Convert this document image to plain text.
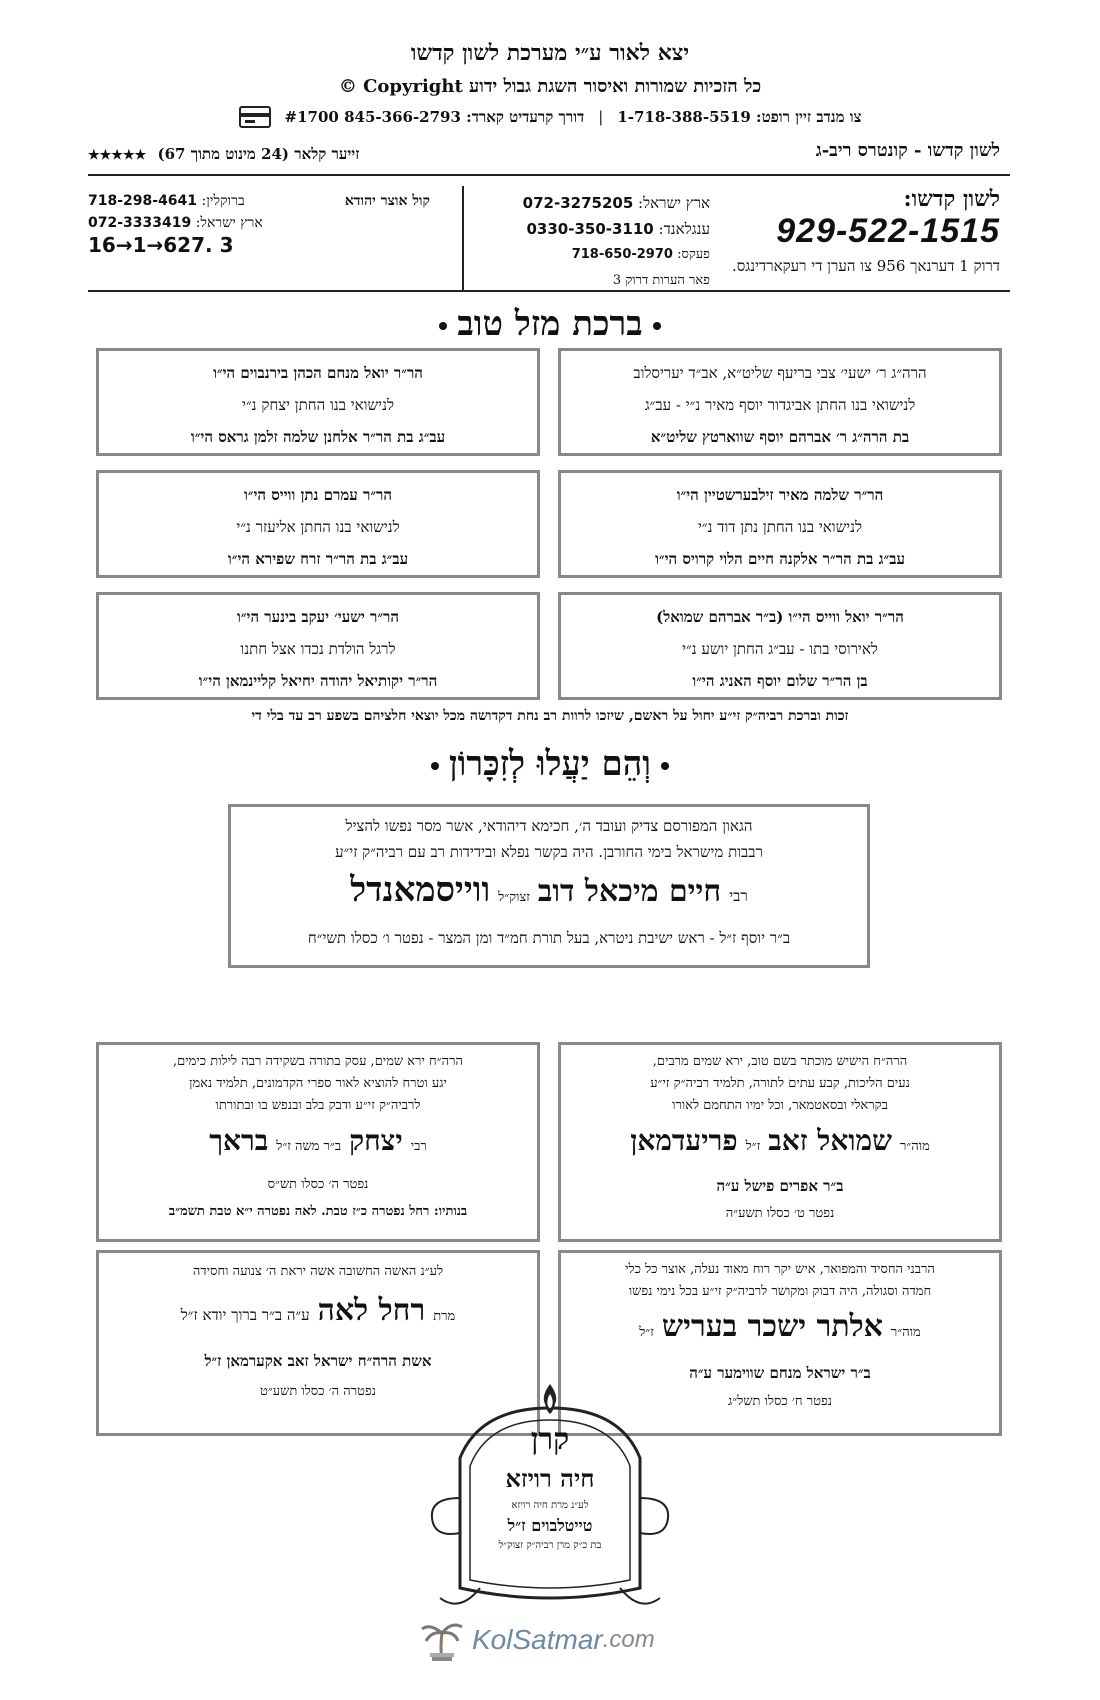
יצא לאור ע״י מערכת לשון קדשו
כל הזכיות שמורות ואיסור השגת גבול ידוע Copyright ©
צו מנדב זיין רופט: 1-718-388-5519
|
דורך קרעדיט קארד: 845-366-2793 #1700
לשון קדשו - קונטרס ריב-ג
זייער קלאר (24 מינוט מתוך 67) ★★★★★
לשון קדשו:
929-522-1515
דרוק 1 דערנאך 956 צו הערן די רעקארדינגס.
ארץ ישראל: 072-3275205
ענגלאנד: 0330-350-3110
פעקס: 718-650-2970
פאר הערות דרוק 3
קול אוצר יהודא
ברוקלין: 718-298-4641
ארץ ישראל: 072-3333419
16→1→627. 3
ברכת מזל טוב
הרה״ג ר׳ ישעי׳ צבי בריעף שליט״א, אב״ד יעריסלוב
לנישואי בנו החתן אביגדור יוסף מאיר נ״י - עב״ג
בת הרה״ג ר׳ אברהם יוסף שווארטץ שליט״א
הר״ר יואל מנחם הכהן בירנבוים הי״ו
לנישואי בנו החתן יצחק נ״י
עב״ג בת הר״ר אלחנן שלמה זלמן גראס הי״ו
הר״ר שלמה מאיר זילבערשטיין הי״ו
לנישואי בנו החתן נתן דוד נ״י
עב״ג בת הר״ר אלקנה חיים הלוי קרויס הי״ו
הר״ר עמרם נתן ווייס הי״ו
לנישואי בנו החתן אליעזר נ״י
עב״ג בת הר״ר זרח שפירא הי״ו
הר״ר יואל ווייס הי״ו (ב״ר אברהם שמואל)
לאירוסי בתו - עב״ג החתן יושע נ״י
בן הר״ר שלום יוסף האניג הי״ו
הר״ר ישעי׳ יעקב בינער הי״ו
לרגל הולדת נכדו אצל חתנו
הר״ר יקותיאל יהודה יחיאל קליינמאן הי״ו
זכות וברכת רביה״ק זי״ע יחול על ראשם, שיזכו לרוות רב נחת דקדושה מכל יוצאי חלציהם בשפע רב עד בלי די
וְהֵם יַעֲלוּ לְזִכָּרוֹן
הגאון המפורסם צדיק ועובד ה׳, חכימא דיהודאי, אשר מסר נפשו להציל
רבבות מישראל בימי החורבן. היה בקשר נפלא ובידידות רב עם רביה״ק זי״ע
רבי
חיים מיכאל דוב
זצוק״ל
ווייסמאנדל
ב״ר יוסף ז״ל - ראש ישיבת ניטרא, בעל תורת חמ״ד ומן המצר - נפטר ו׳ כסלו תשי״ח
הרה״ח הישיש מוכתר בשם טוב, ירא שמים מרבים,
נעים הליכות, קבע עתים לתורה, תלמיד רביה״ק זי״ע
בקראלי ובסאטמאר, וכל ימיו התחמם לאורו
מוה״ר
שמואל זאב
ז״ל
פריעדמאן
ב״ר אפרים פישל ע״ה
נפטר ט׳ כסלו תשע״ה
הרה״ח ירא שמים, עסק בתורה בשקידה רבה לילות כימים,
יגע וטרח להוציא לאור ספרי הקדמונים, תלמיד נאמן
לרביה״ק זי״ע ודבק בלב ובנפש בו ובתורתו
רבי
יצחק
ב״ר משה ז״ל
בראך
נפטר ה׳ כסלו תש״ס
בנותיו: רחל נפטרה כ״ז טבת. לאה נפטרה י״א טבת תשמ״ב
הרבני החסיד והמפואר, איש יקר רוח מאוד נעלה, אוצר כל כלי
חמדה וסגולה, היה דבוק ומקושר לרביה״ק זי״ע בכל נימי נפשו
מוה״ר
אלתר ישכר בעריש
ז״ל
ב״ר ישראל מנחם שווימער ע״ה
נפטר ח׳ כסלו תשל״ג
לע״נ האשה החשובה אשה יראת ה׳ צנועה וחסידה
מרת
רחל לאה
ע״ה ב״ר ברוך יודא ז״ל
אשת הרה״ח ישראל זאב אקערמאן ז״ל
נפטרה ה׳ כסלו תשע״ט
קרן
חיה רויזא
לע״נ מרת חיה רויזא
טייטלבוים ז״ל
בת כ״ק מרן רביה״ק זצוק״ל
KolSatmar .com
